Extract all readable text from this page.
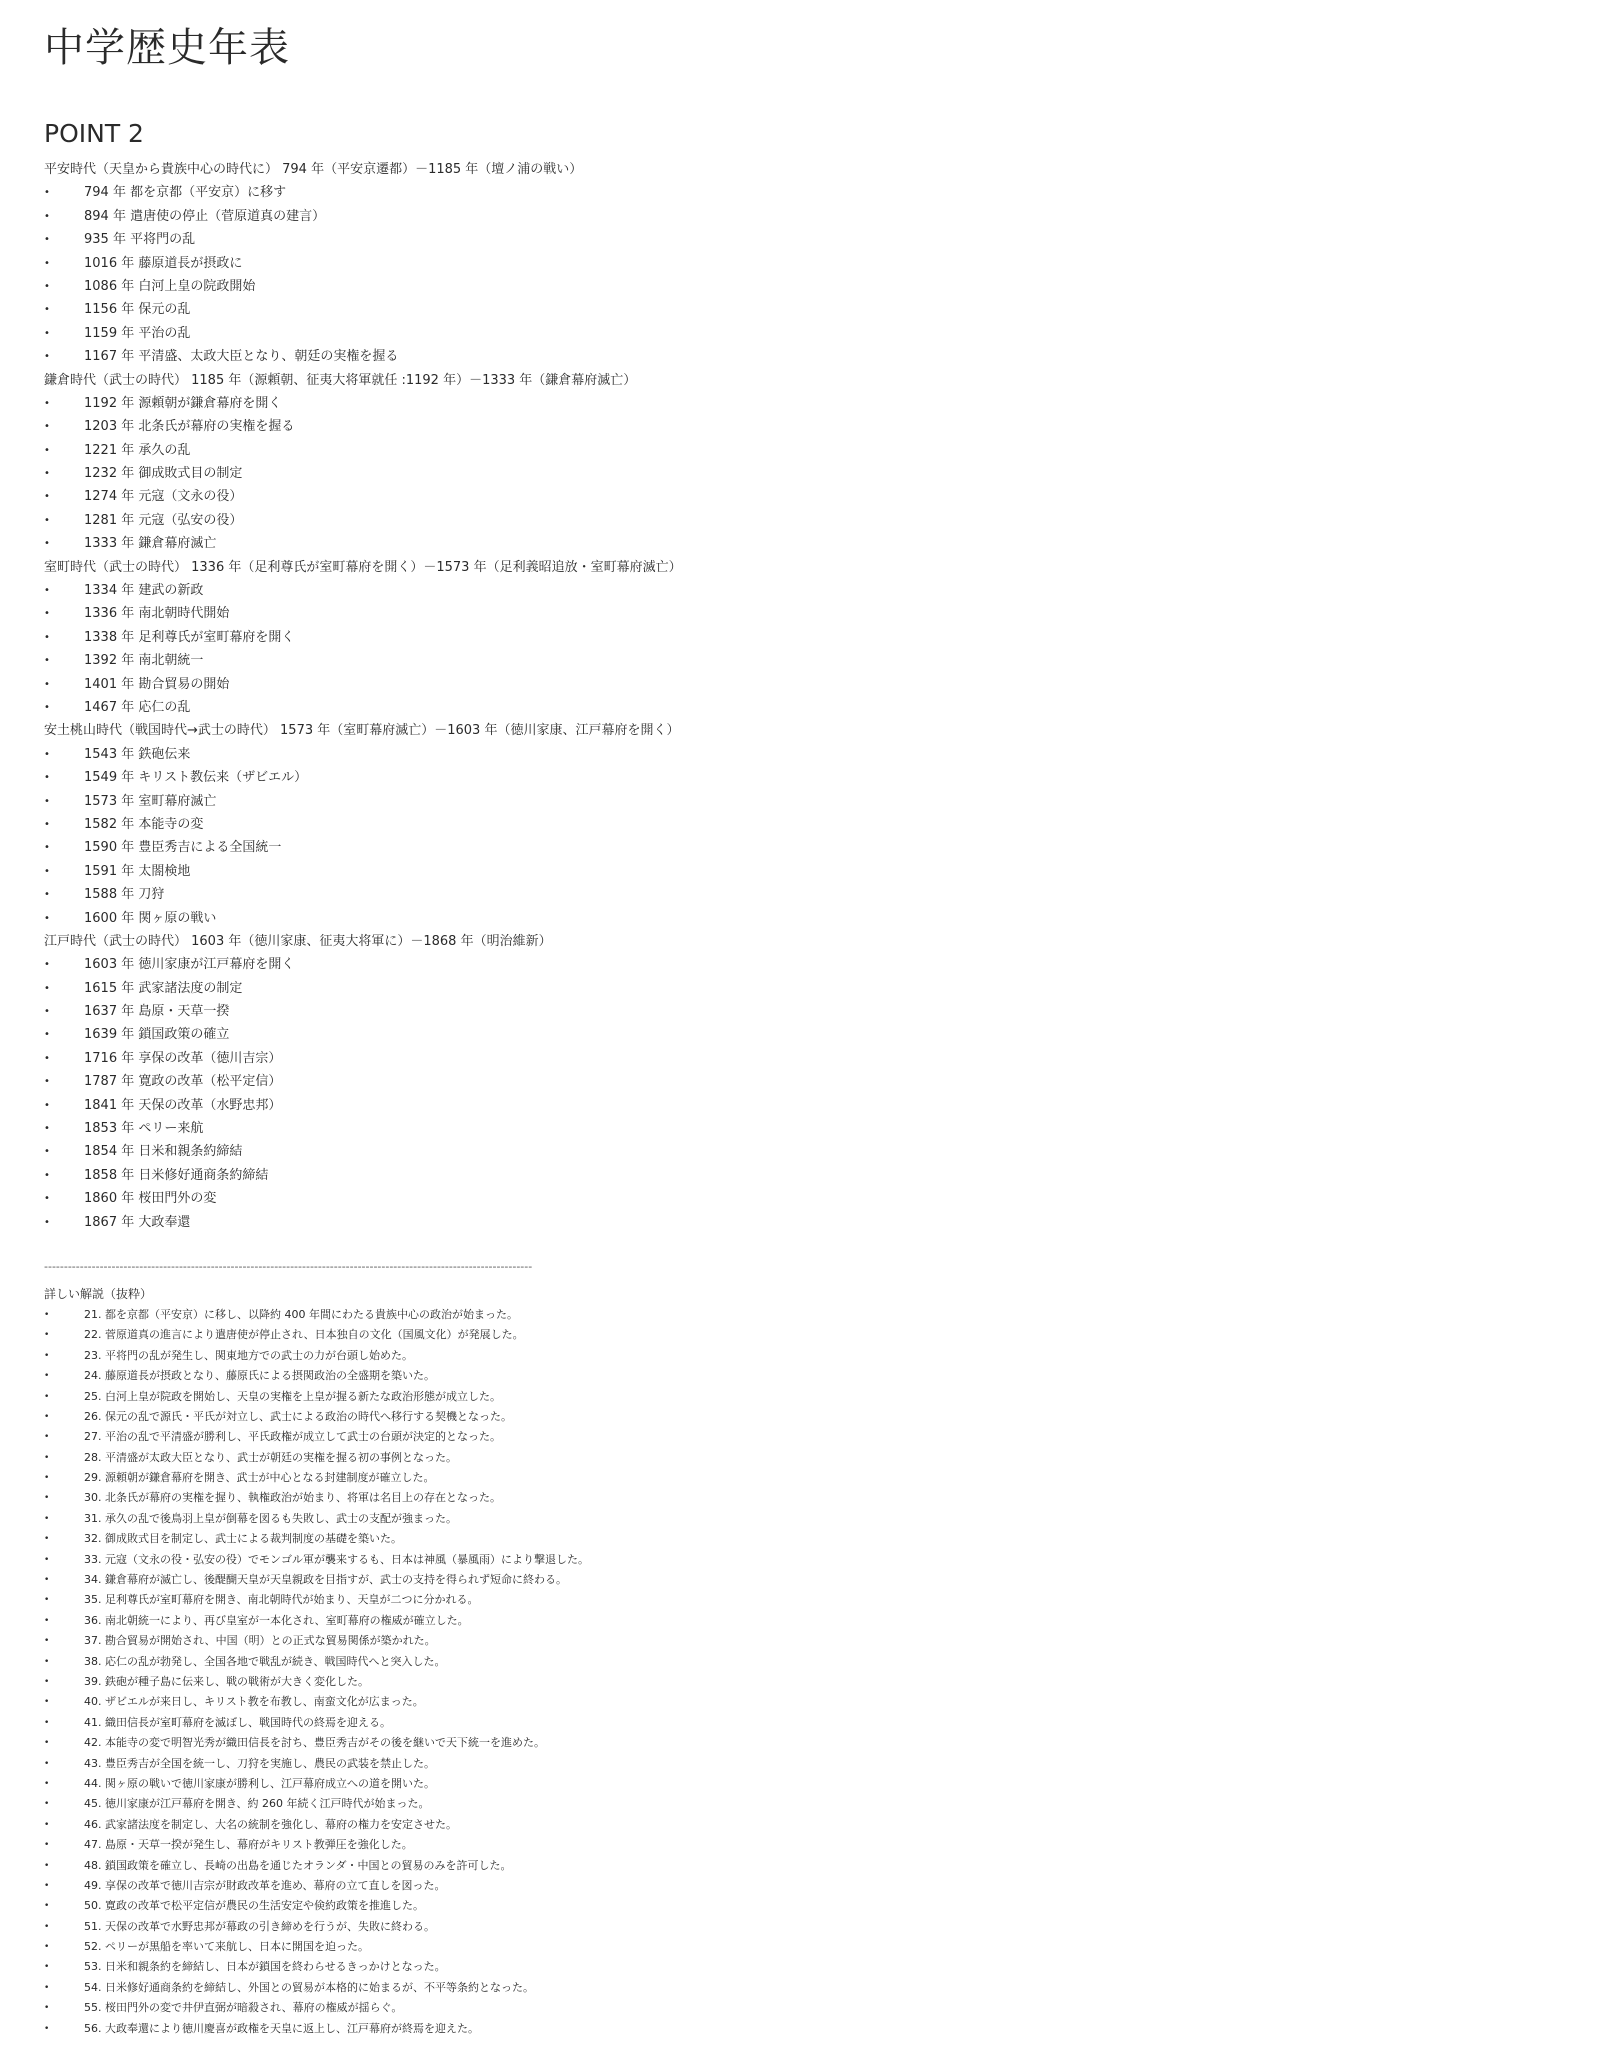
中学歴史年表
POINT 2
平安時代（天皇から貴族中心の時代に） 794 年（平安京遷都）－1185 年（壇ノ浦の戦い）
•	794 年 都を京都（平安京）に移す
•	894 年 遣唐使の停止（菅原道真の建言）
•	935 年 平将門の乱
•	1016 年 藤原道長が摂政に
•	1086 年 白河上皇の院政開始
•	1156 年 保元の乱
•	1159 年 平治の乱
•	1167 年 平清盛、太政大臣となり、朝廷の実権を握る
鎌倉時代（武士の時代） 1185 年（源頼朝、征夷大将軍就任 :1192 年）－1333 年（鎌倉幕府滅亡）
•	1192 年 源頼朝が鎌倉幕府を開く
•	1203 年 北条氏が幕府の実権を握る
•	1221 年 承久の乱
•	1232 年 御成敗式目の制定
•	1274 年 元寇（文永の役）
•	1281 年 元寇（弘安の役）
•	1333 年 鎌倉幕府滅亡
室町時代（武士の時代） 1336 年（足利尊氏が室町幕府を開く）－1573 年（足利義昭追放・室町幕府滅亡）
•	1334 年 建武の新政
•	1336 年 南北朝時代開始
•	1338 年 足利尊氏が室町幕府を開く
•	1392 年 南北朝統一
•	1401 年 勘合貿易の開始
•	1467 年 応仁の乱
安土桃山時代（戦国時代→武士の時代） 1573 年（室町幕府滅亡）－1603 年（徳川家康、江戸幕府を開く）
•	1543 年 鉄砲伝来
•	1549 年 キリスト教伝来（ザビエル）
•	1573 年 室町幕府滅亡
•	1582 年 本能寺の変
•	1590 年 豊臣秀吉による全国統一
•	1591 年 太閤検地
•	1588 年 刀狩
•	1600 年 関ヶ原の戦い
江戸時代（武士の時代） 1603 年（徳川家康、征夷大将軍に）－1868 年（明治維新）
•	1603 年 徳川家康が江戸幕府を開く
•	1615 年 武家諸法度の制定
•	1637 年 島原・天草一揆
•	1639 年 鎖国政策の確立
•	1716 年 享保の改革（徳川吉宗）
•	1787 年 寛政の改革（松平定信）
•	1841 年 天保の改革（水野忠邦）
•	1853 年 ペリー来航
•	1854 年 日米和親条約締結
•	1858 年 日米修好通商条約締結
•	1860 年 桜田門外の変
•	1867 年 大政奉還
---------------------------------------------------------------------------------------------------------------------------
詳しい解説（抜粋）
•	21. 都を京都（平安京）に移し、以降約 400 年間にわたる貴族中心の政治が始まった。
•	22. 菅原道真の進言により遣唐使が停止され、日本独自の文化（国風文化）が発展した。
•	23. 平将門の乱が発生し、関東地方での武士の力が台頭し始めた。
•	24. 藤原道長が摂政となり、藤原氏による摂関政治の全盛期を築いた。
•	25. 白河上皇が院政を開始し、天皇の実権を上皇が握る新たな政治形態が成立した。
•	26. 保元の乱で源氏・平氏が対立し、武士による政治の時代へ移行する契機となった。
•	27. 平治の乱で平清盛が勝利し、平氏政権が成立して武士の台頭が決定的となった。
•	28. 平清盛が太政大臣となり、武士が朝廷の実権を握る初の事例となった。
•	29. 源頼朝が鎌倉幕府を開き、武士が中心となる封建制度が確立した。
•	30. 北条氏が幕府の実権を握り、執権政治が始まり、将軍は名目上の存在となった。
•	31. 承久の乱で後鳥羽上皇が倒幕を図るも失敗し、武士の支配が強まった。
•	32. 御成敗式目を制定し、武士による裁判制度の基礎を築いた。
•	33. 元寇（文永の役・弘安の役）でモンゴル軍が襲来するも、日本は神風（暴風雨）により撃退した。
•	34. 鎌倉幕府が滅亡し、後醍醐天皇が天皇親政を目指すが、武士の支持を得られず短命に終わる。
•	35. 足利尊氏が室町幕府を開き、南北朝時代が始まり、天皇が二つに分かれる。
•	36. 南北朝統一により、再び皇室が一本化され、室町幕府の権威が確立した。
•	37. 勘合貿易が開始され、中国（明）との正式な貿易関係が築かれた。
•	38. 応仁の乱が勃発し、全国各地で戦乱が続き、戦国時代へと突入した。
•	39. 鉄砲が種子島に伝来し、戦の戦術が大きく変化した。
•	40. ザビエルが来日し、キリスト教を布教し、南蛮文化が広まった。
•	41. 織田信長が室町幕府を滅ぼし、戦国時代の終焉を迎える。
•	42. 本能寺の変で明智光秀が織田信長を討ち、豊臣秀吉がその後を継いで天下統一を進めた。
•	43. 豊臣秀吉が全国を統一し、刀狩を実施し、農民の武装を禁止した。
•	44. 関ヶ原の戦いで徳川家康が勝利し、江戸幕府成立への道を開いた。
•	45. 徳川家康が江戸幕府を開き、約 260 年続く江戸時代が始まった。
•	46. 武家諸法度を制定し、大名の統制を強化し、幕府の権力を安定させた。
•	47. 島原・天草一揆が発生し、幕府がキリスト教弾圧を強化した。
•	48. 鎖国政策を確立し、長崎の出島を通じたオランダ・中国との貿易のみを許可した。
•	49. 享保の改革で徳川吉宗が財政改革を進め、幕府の立て直しを図った。
•	50. 寛政の改革で松平定信が農民の生活安定や倹約政策を推進した。
•	51. 天保の改革で水野忠邦が幕政の引き締めを行うが、失敗に終わる。
•	52. ペリーが黒船を率いて来航し、日本に開国を迫った。
•	53. 日米和親条約を締結し、日本が鎖国を終わらせるきっかけとなった。
•	54. 日米修好通商条約を締結し、外国との貿易が本格的に始まるが、不平等条約となった。
•	55. 桜田門外の変で井伊直弼が暗殺され、幕府の権威が揺らぐ。
•	56. 大政奉還により徳川慶喜が政権を天皇に返上し、江戸幕府が終焉を迎えた。
